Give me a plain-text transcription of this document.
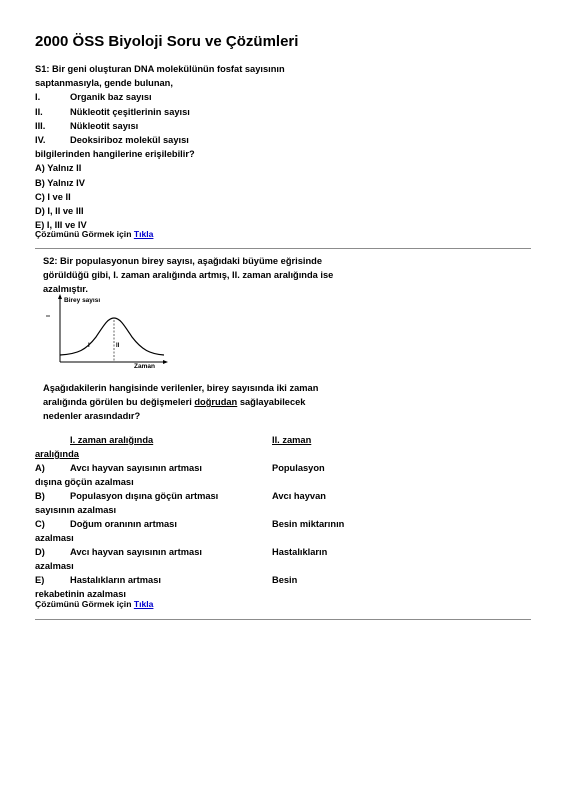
2000 ÖSS Biyoloji Soru ve Çözümleri
S1: Bir geni oluşturan DNA molekülünün fosfat sayısının
saptanmasıyla, gende bulunan,
I.	Organik baz sayısı
II.	Nükleotit çeşitlerinin sayısı
III.	Nükleotit sayısı
IV.	Deoksiriboz molekül sayısı
bilgilerinden hangilerine erişilebilir?
A) Yalnız II
B) Yalnız IV
C) I ve II
D) I, II ve III
E) I, III ve IV
Çözümünü Görmek için Tıkla
S2: Bir populasyonun birey sayısı, aşağıdaki büyüme eğrisinde
görüldüğü gibi, I. zaman aralığında artmış, II. zaman aralığında ise
azalmıştır.
Birey sayısı
I	II
Zaman
Aşağıdakilerin hangisinde verilenler, birey sayısında iki zaman
aralığında görülen bu değişmeleri doğrudan sağlayabilecek
nedenler arasındadır?
I. zaman aralığında	II. zaman
aralığında
A)	Avcı hayvan sayısının artması	Populasyon
dışına göçün azalması
B)	Populasyon dışına göçün artması	Avcı hayvan
sayısının azalması
C)	Doğum oranının artması	Besin miktarının
azalması
D)	Avcı hayvan sayısının artması	Hastalıkların
azalması
E)	Hastalıkların artması	Besin
rekabetinin azalması
Çözümünü Görmek için Tıkla
